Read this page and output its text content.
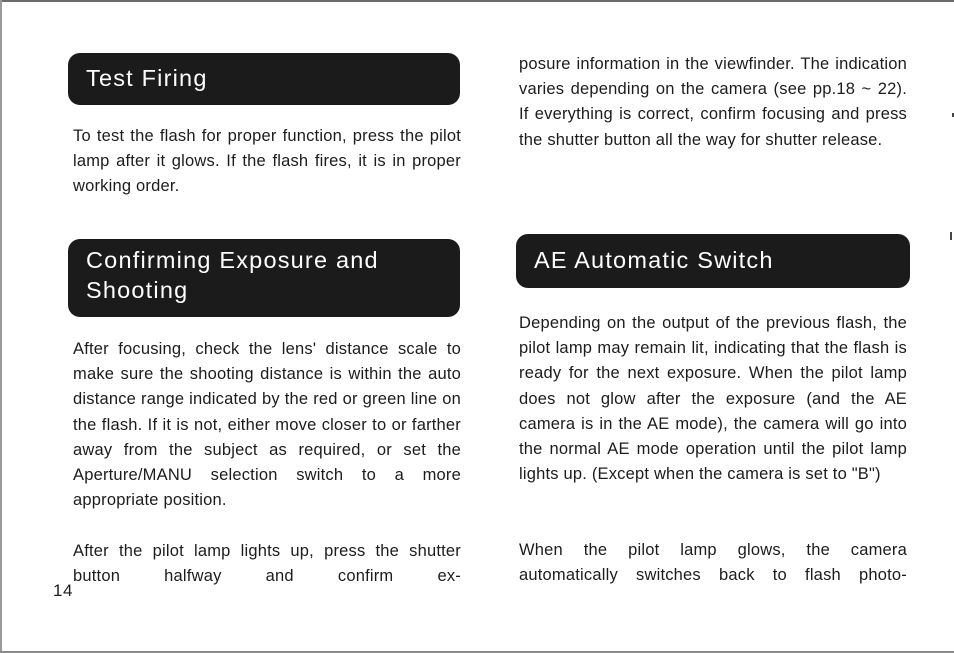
Test Firing

To test the flash for proper function, press the pilot lamp after it glows. If the flash fires, it is in proper working order.

Confirming Exposure and
Shooting

After focusing, check the lens' distance scale to make sure the shooting distance is within the auto distance range indicated by the red or green line on the flash. If it is not, either move closer to or farther away from the subject as required, or set the Aperture/MANU selection switch to a more appropriate position.

After the pilot lamp lights up, press the shutter button halfway and confirm ex-

14

posure information in the viewfinder. The indication varies depending on the camera (see pp.18 ~ 22). If everything is correct, confirm focusing and press the shutter button all the way for shutter release.

AE Automatic Switch

Depending on the output of the previous flash, the pilot lamp may remain lit, indicating that the flash is ready for the next exposure. When the pilot lamp does not glow after the exposure (and the AE camera is in the AE mode), the camera will go into the normal AE mode operation until the pilot lamp lights up. (Except when the camera is set to "B")

When the pilot lamp glows, the camera automatically switches back to flash photo-
